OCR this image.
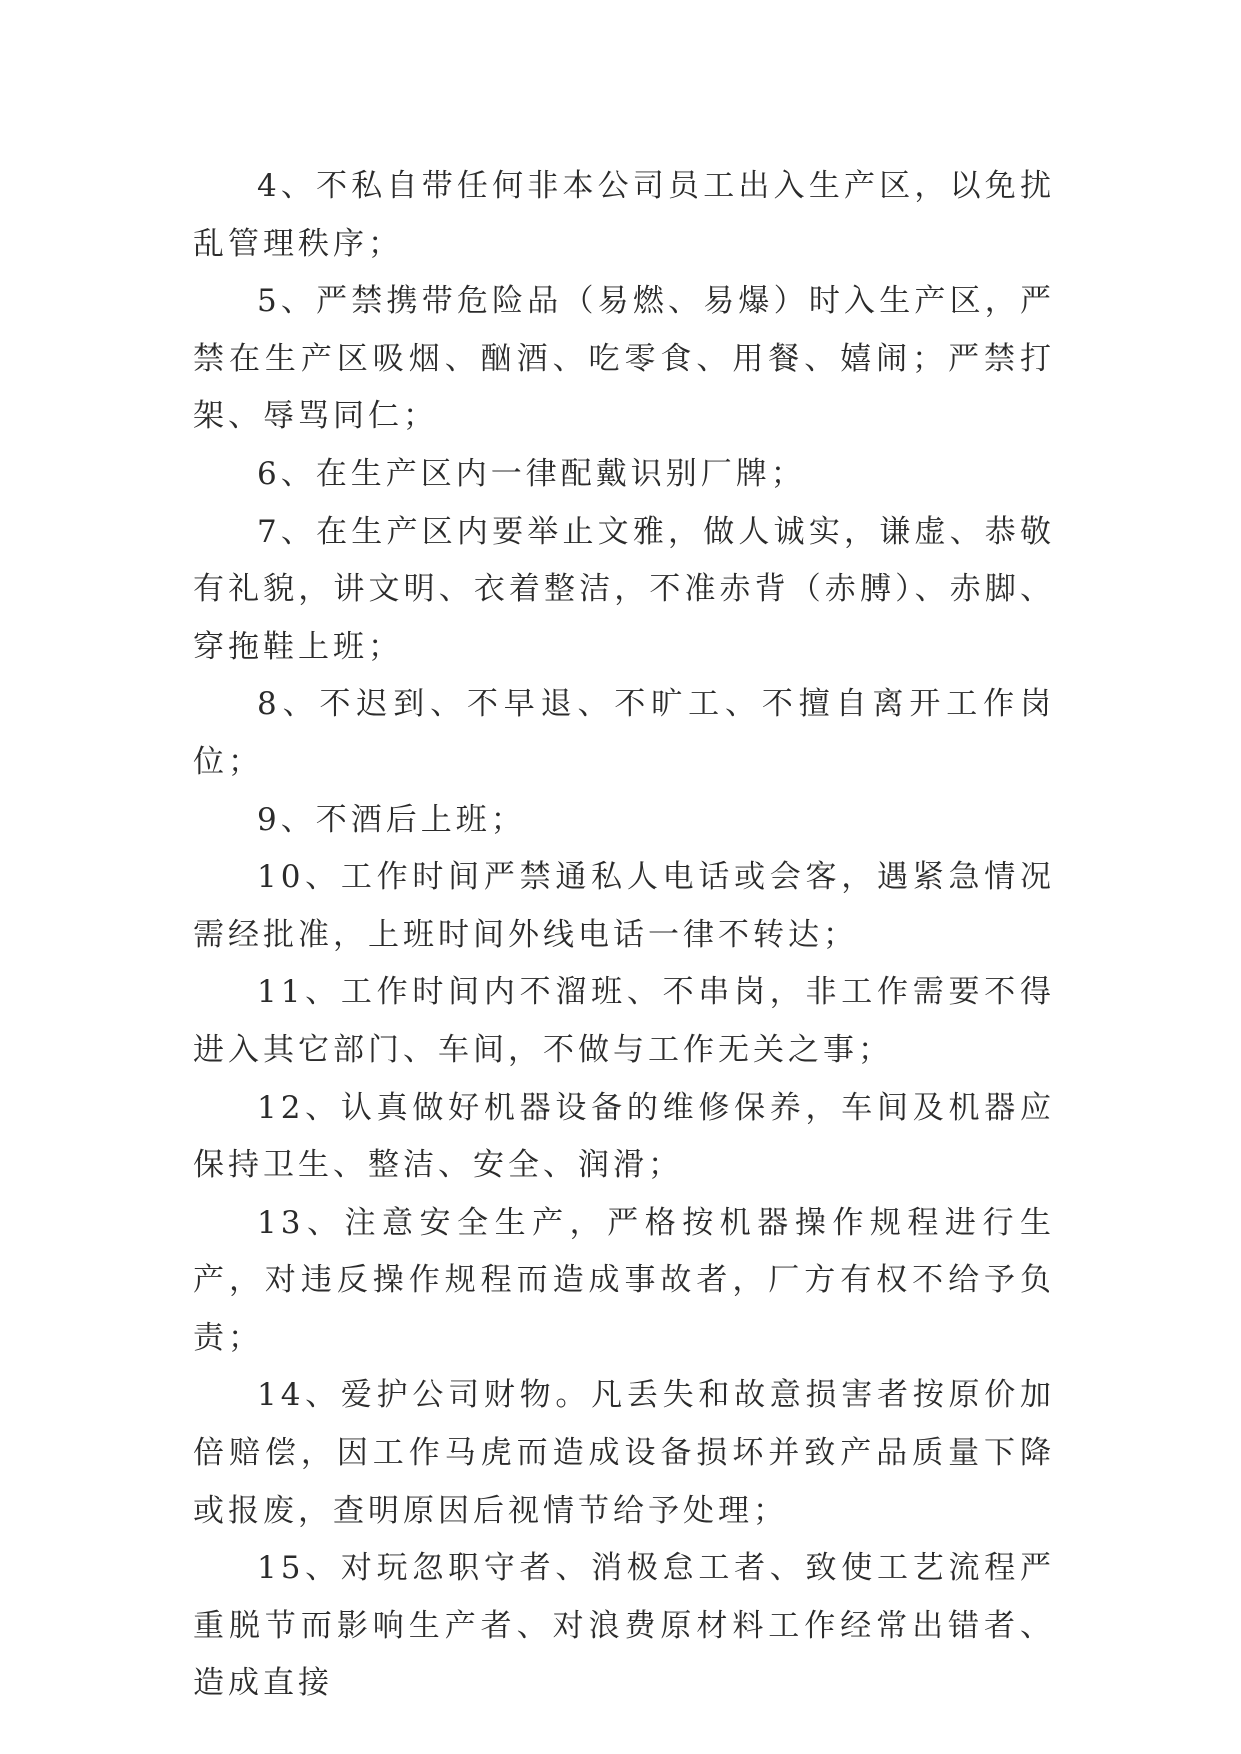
4、不私自带任何非本公司员工出入生产区，以免扰乱管理秩序；

5、严禁携带危险品（易燃、易爆）时入生产区，严禁在生产区吸烟、酗酒、吃零食、用餐、嬉闹；严禁打架、辱骂同仁；

6、在生产区内一律配戴识别厂牌；

7、在生产区内要举止文雅，做人诚实，谦虚、恭敬有礼貌，讲文明、衣着整洁，不准赤背（赤膊）、赤脚、穿拖鞋上班；

8、不迟到、不早退、不旷工、不擅自离开工作岗位；

9、不酒后上班；

10、工作时间严禁通私人电话或会客，遇紧急情况需经批准，上班时间外线电话一律不转达；

11、工作时间内不溜班、不串岗，非工作需要不得进入其它部门、车间，不做与工作无关之事；

12、认真做好机器设备的维修保养，车间及机器应保持卫生、整洁、安全、润滑；

13、注意安全生产，严格按机器操作规程进行生产，对违反操作规程而造成事故者，厂方有权不给予负责；

14、爱护公司财物。凡丢失和故意损害者按原价加倍赔偿，因工作马虎而造成设备损坏并致产品质量下降或报废，查明原因后视情节给予处理；

15、对玩忽职守者、消极怠工者、致使工艺流程严重脱节而影响生产者、对浪费原材料工作经常出错者、造成直接
